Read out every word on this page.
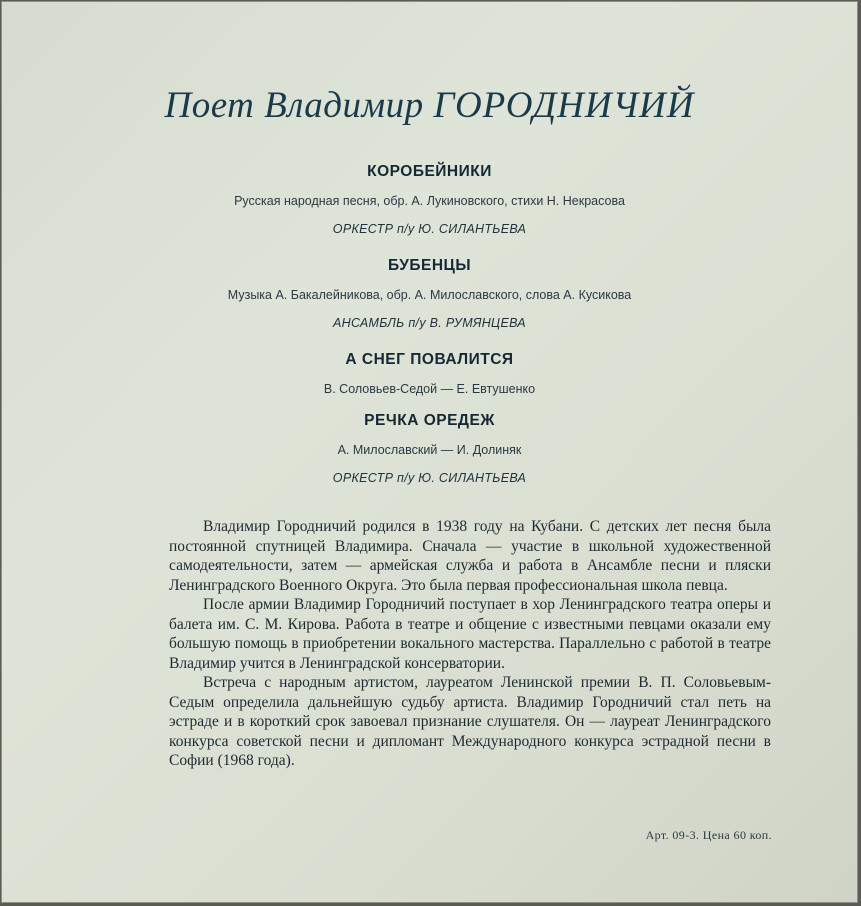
Поет Владимир ГОРОДНИЧИЙ

КОРОБЕЙНИКИ

Русская народная песня, обр. А. Лукиновского, стихи Н. Некрасова

ОРКЕСТР п/у Ю. СИЛАНТЬЕВА

БУБЕНЦЫ

Музыка А. Бакалейникова, обр. А. Милославского, слова А. Кусикова

АНСАМБЛЬ п/у В. РУМЯНЦЕВА

А СНЕГ ПОВАЛИТСЯ

В. Соловьев-Седой — Е. Евтушенко

РЕЧКА ОРЕДЕЖ

А. Милославский — И. Долиняк

ОРКЕСТР п/у Ю. СИЛАНТЬЕВА

Владимир Городничий родился в 1938 году на Кубани. С детских лет песня была постоянной спутницей Владимира. Сначала — участие в школьной художественной самодеятельности, затем — армейская служба и работа в Ансамбле песни и пляски Ленинградского Военного Округа. Это была первая профессиональная школа певца.

После армии Владимир Городничий поступает в хор Ленинградского театра оперы и балета им. С. М. Кирова. Работа в театре и общение с известными певцами оказали ему большую помощь в приобретении вокального мастерства. Параллельно с работой в театре Владимир учится в Ленинградской консерватории.

Встреча с народным артистом, лауреатом Ленинской премии В. П. Соловьевым-Седым определила дальнейшую судьбу артиста. Владимир Городничий стал петь на эстраде и в короткий срок завоевал признание слушателя. Он — лауреат Ленинградского конкурса советской песни и дипломант Международного конкурса эстрадной песни в Софии (1968 года).

Арт. 09-3. Цена 60 коп.
